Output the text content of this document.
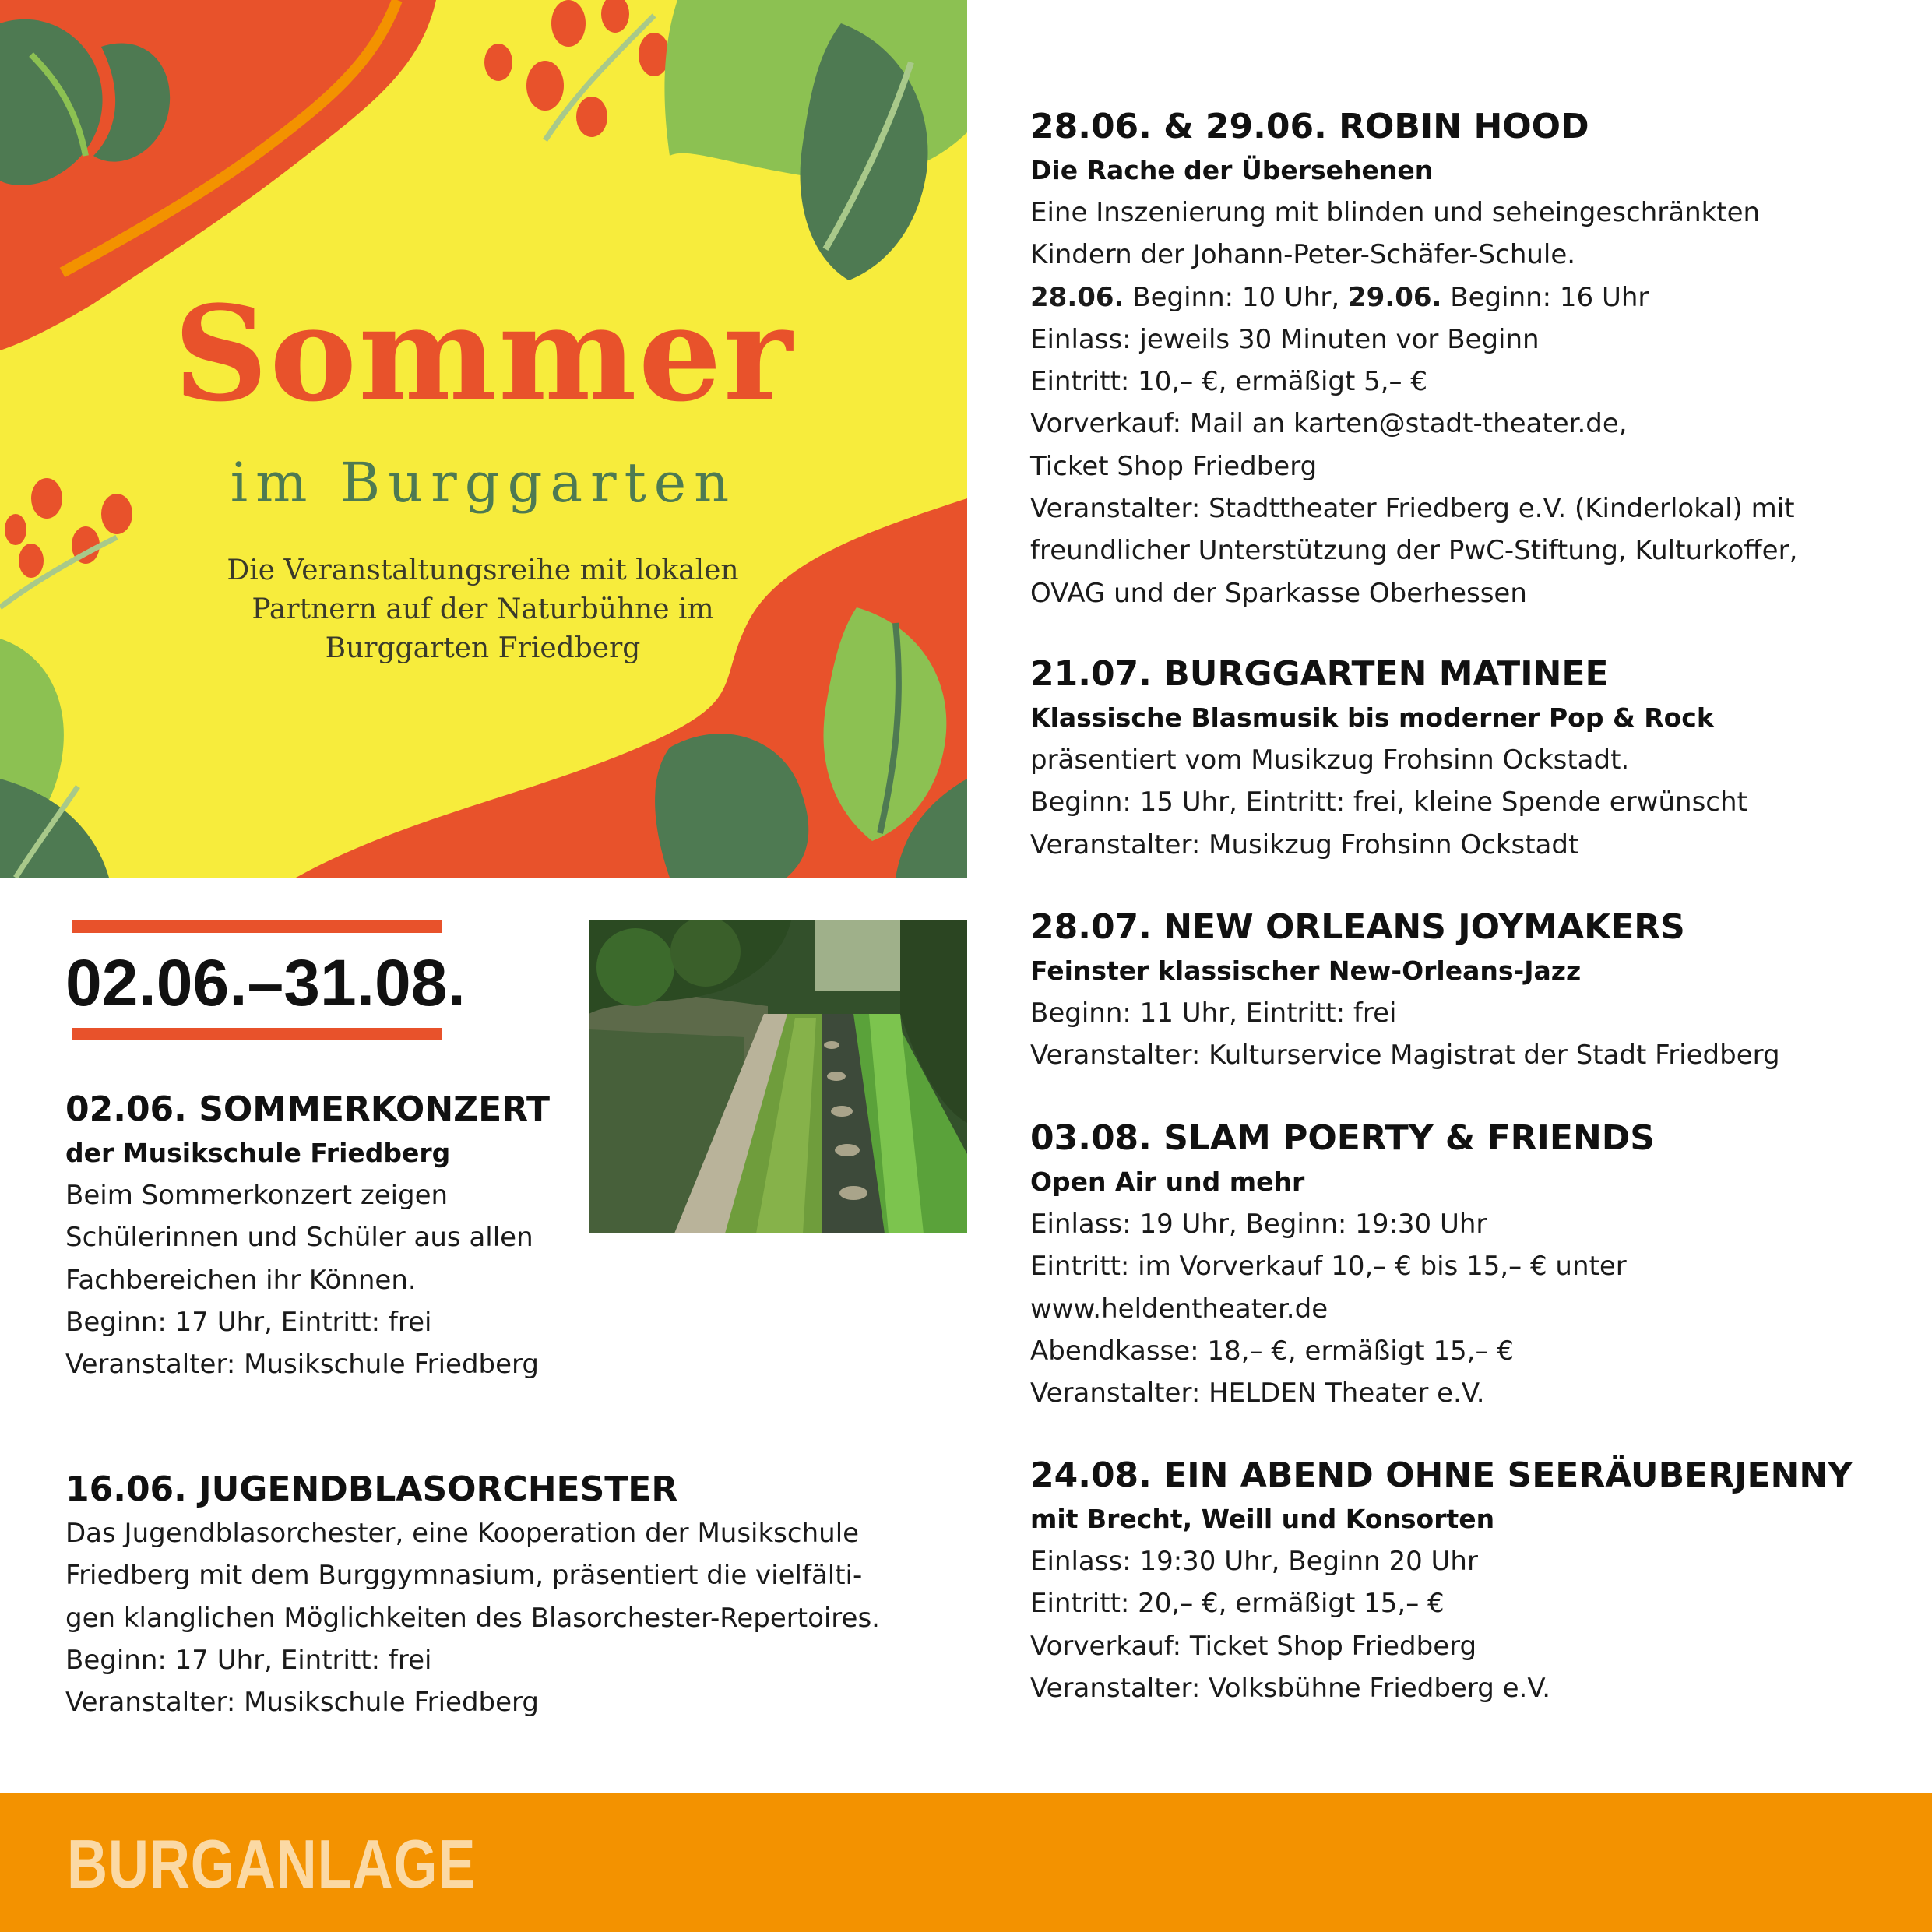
Sommer
im Burggarten
Die Veranstaltungsreihe mit lokalen
Partnern auf der Naturbühne im
Burggarten Friedberg
02.06.–31.08.
02.06. SOMMERKONZERT
der Musikschule Friedberg
Beim Sommerkonzert zeigen
Schülerinnen und Schüler aus allen
Fachbereichen ihr Können.
Beginn: 17 Uhr, Eintritt: frei
Veranstalter: Musikschule Friedberg
16.06. JUGENDBLASORCHESTER
Das Jugendblasorchester, eine Kooperation der Musikschule
Friedberg mit dem Burggymnasium, präsentiert die vielfälti-
gen klanglichen Möglichkeiten des Blasorchester-Repertoires.
Beginn: 17 Uhr, Eintritt: frei
Veranstalter: Musikschule Friedberg
28.06. & 29.06. ROBIN HOOD
Die Rache der Übersehenen
Eine Inszenierung mit blinden und seheingeschränkten
Kindern der Johann-Peter-Schäfer-Schule.
28.06. Beginn: 10 Uhr, 29.06. Beginn: 16 Uhr
Einlass: jeweils 30 Minuten vor Beginn
Eintritt: 10,– €, ermäßigt 5,– €
Vorverkauf: Mail an karten@stadt-theater.de,
Ticket Shop Friedberg
Veranstalter: Stadttheater Friedberg e.V. (Kinderlokal) mit
freundlicher Unterstützung der PwC-Stiftung, Kulturkoffer,
OVAG und der Sparkasse Oberhessen
21.07. BURGGARTEN MATINEE
Klassische Blasmusik bis moderner Pop & Rock
präsentiert vom Musikzug Frohsinn Ockstadt.
Beginn: 15 Uhr, Eintritt: frei, kleine Spende erwünscht
Veranstalter: Musikzug Frohsinn Ockstadt
28.07. NEW ORLEANS JOYMAKERS
Feinster klassischer New-Orleans-Jazz
Beginn: 11 Uhr, Eintritt: frei
Veranstalter: Kulturservice Magistrat der Stadt Friedberg
03.08. SLAM POERTY & FRIENDS
Open Air und mehr
Einlass: 19 Uhr, Beginn: 19:30 Uhr
Eintritt: im Vorverkauf 10,– € bis 15,– € unter
www.heldentheater.de
Abendkasse: 18,– €, ermäßigt 15,– €
Veranstalter: HELDEN Theater e.V.
24.08. EIN ABEND OHNE SEERÄUBERJENNY
mit Brecht, Weill und Konsorten
Einlass: 19:30 Uhr, Beginn 20 Uhr
Eintritt: 20,– €, ermäßigt 15,– €
Vorverkauf: Ticket Shop Friedberg
Veranstalter: Volksbühne Friedberg e.V.
BURGANLAGE
